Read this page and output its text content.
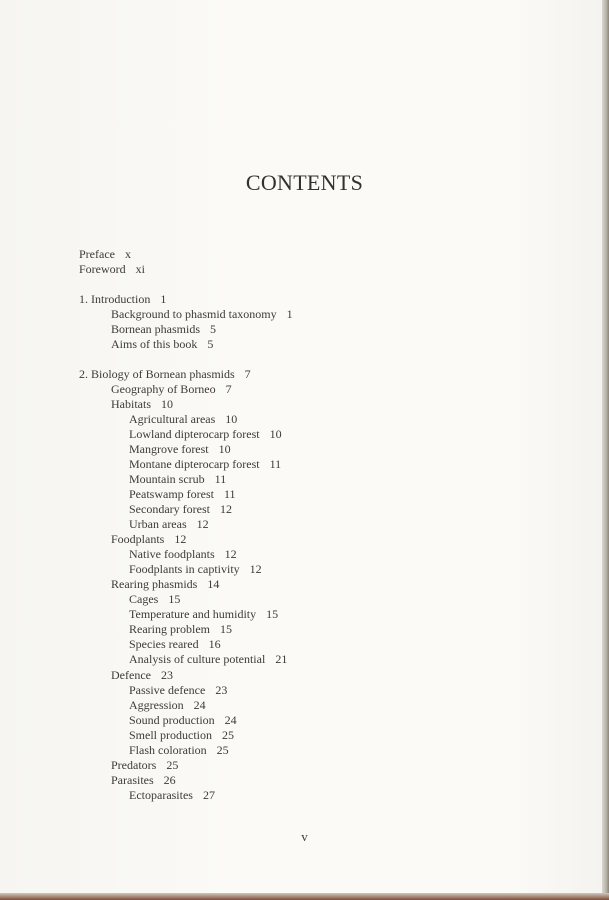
CONTENTS
Preface x
Foreword xi
1. Introduction 1
Background to phasmid taxonomy 1
Bornean phasmids 5
Aims of this book 5
2. Biology of Bornean phasmids 7
Geography of Borneo 7
Habitats 10
Agricultural areas 10
Lowland dipterocarp forest 10
Mangrove forest 10
Montane dipterocarp forest 11
Mountain scrub 11
Peatswamp forest 11
Secondary forest 12
Urban areas 12
Foodplants 12
Native foodplants 12
Foodplants in captivity 12
Rearing phasmids 14
Cages 15
Temperature and humidity 15
Rearing problem 15
Species reared 16
Analysis of culture potential 21
Defence 23
Passive defence 23
Aggression 24
Sound production 24
Smell production 25
Flash coloration 25
Predators 25
Parasites 26
Ectoparasites 27
v
